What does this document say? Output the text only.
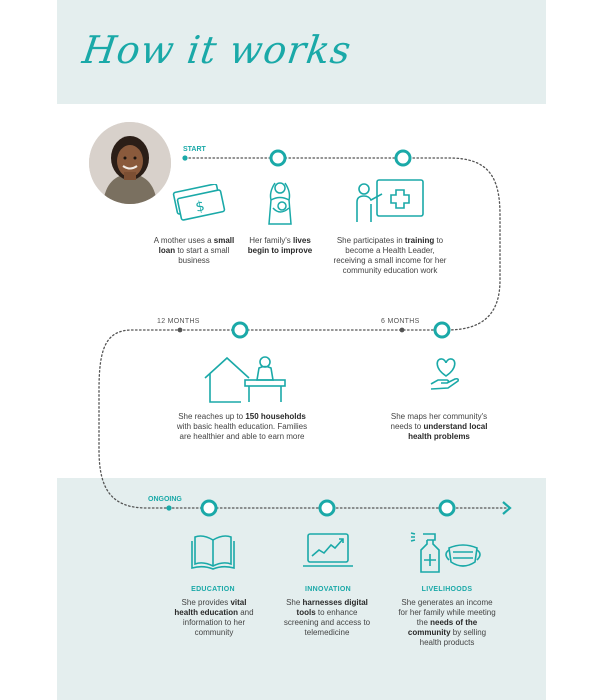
How it works
START
6 MONTHS
12 MONTHS
ONGOING
$
A mother uses a small loan to start a small business
Her family's lives begin to improve
She participates in training to become a Health Leader, receiving a small income for her community education work
She reaches up to 150 households with basic health education. Families are healthier and able to earn more
She maps her community's needs to understand local health problems
EDUCATION	INNOVATION	LIVELIHOODS
She provides vital health education and information to her community
She harnesses digital tools to enhance screening and access to telemedicine
She generates an income for her family while meeting the needs of the community by selling health products
